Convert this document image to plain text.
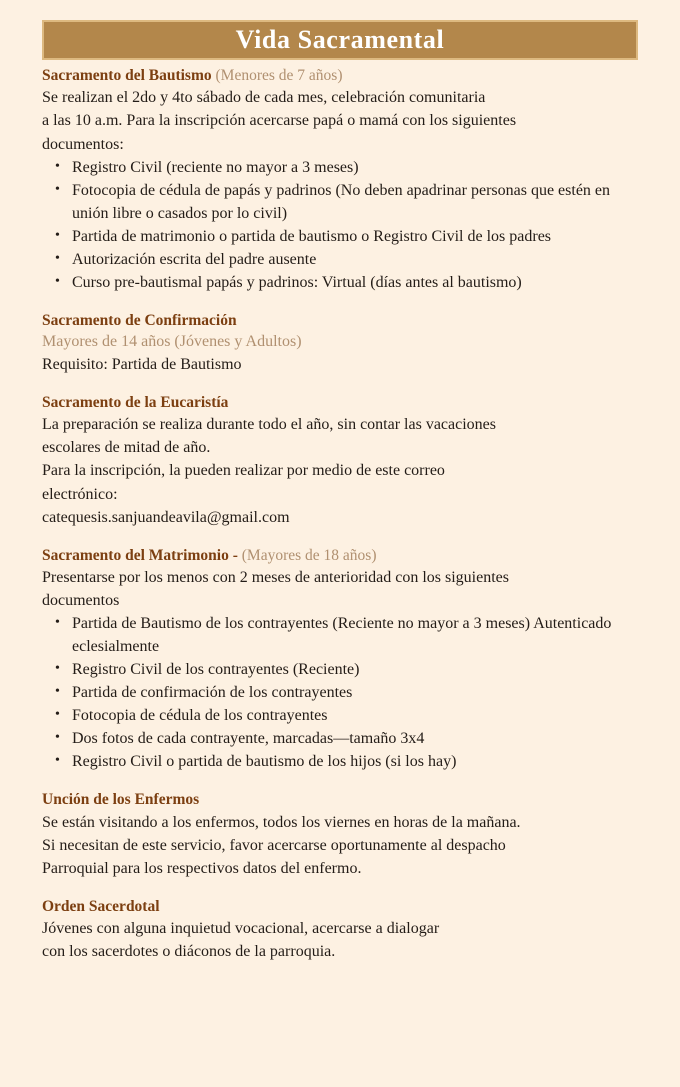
Vida Sacramental
Sacramento del Bautismo (Menores de 7 años)
Se realizan el 2do y 4to sábado de cada mes, celebración comunitaria
a las 10 a.m. Para la inscripción acercarse papá o mamá con los siguientes
documentos:
• Registro Civil (reciente no mayor a 3 meses)
• Fotocopia de cédula de papás y padrinos (No deben apadrinar personas que estén en unión libre o casados por lo civil)
• Partida de matrimonio o partida de bautismo o Registro Civil de los padres
• Autorización escrita del padre ausente
• Curso pre-bautismal papás y padrinos: Virtual (días antes al bautismo)
Sacramento de Confirmación
Mayores de 14 años (Jóvenes y Adultos)
Requisito: Partida de Bautismo
Sacramento de la Eucaristía
La preparación se realiza durante todo el año, sin contar las vacaciones
escolares de mitad de año.
Para la inscripción, la pueden realizar por medio de este correo
electrónico:
catequesis.sanjuandeavila@gmail.com
Sacramento del Matrimonio - (Mayores de 18 años)
Presentarse por los menos con 2 meses de anterioridad con los siguientes
documentos
• Partida de Bautismo de los contrayentes (Reciente no mayor a 3 meses) Autenticado eclesialmente
• Registro Civil de los contrayentes (Reciente)
• Partida de confirmación de los contrayentes
• Fotocopia de cédula de los contrayentes
• Dos fotos de cada contrayente, marcadas—tamaño 3x4
• Registro Civil o partida de bautismo de los hijos (si los hay)
Unción de los Enfermos
Se están visitando a los enfermos, todos los viernes en horas de la mañana.
Si necesitan de este servicio, favor acercarse oportunamente al despacho
Parroquial para los respectivos datos del enfermo.
Orden Sacerdotal
Jóvenes con alguna inquietud vocacional, acercarse a dialogar
con los sacerdotes o diáconos de la parroquia.
